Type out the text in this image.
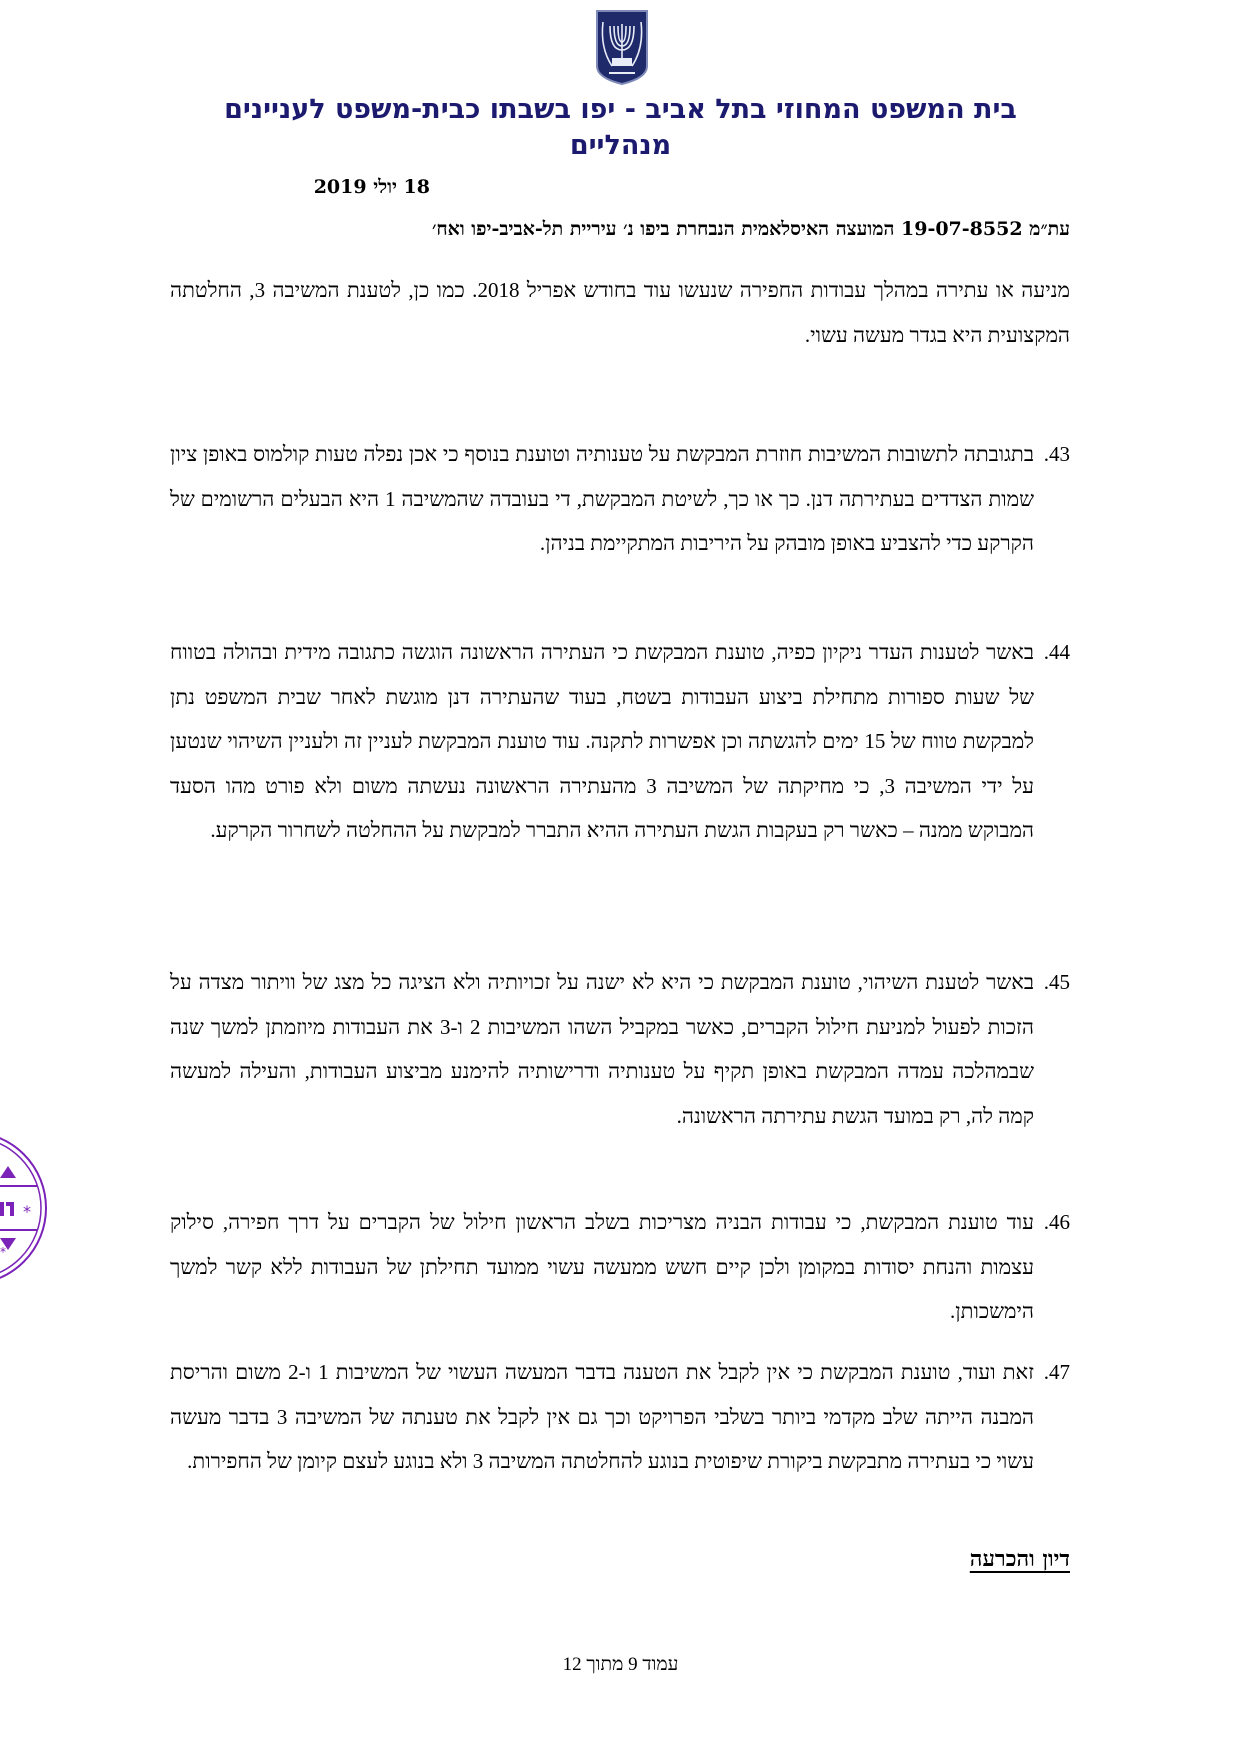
בית המשפט המחוזי בתל אביב - יפו בשבתו כבית-משפט לעניינים מנהליים
18 יולי 2019
עת״מ 19-07-8552 המועצה האיסלאמית הנבחרת ביפו נ׳ עיריית תל-אביב-יפו ואח׳
מניעה או עתירה במהלך עבודות החפירה שנעשו עוד בחודש אפריל 2018. כמו כן, לטענת המשיבה 3, החלטתה המקצועית היא בגדר מעשה עשוי.
43.
בתגובתה לתשובות המשיבות חוזרת המבקשת על טענותיה וטוענת בנוסף כי אכן נפלה טעות קולמוס באופן ציון שמות הצדדים בעתירתה דנן. כך או כך, לשיטת המבקשת, די בעובדה שהמשיבה 1 היא הבעלים הרשומים של הקרקע כדי להצביע באופן מובהק על היריבות המתקיימת בניהן.
44.
באשר לטענות העדר ניקיון כפיה, טוענת המבקשת כי העתירה הראשונה הוגשה כתגובה מידית ובהולה בטווח של שעות ספורות מתחילת ביצוע העבודות בשטח, בעוד שהעתירה דנן מוגשת לאחר שבית המשפט נתן למבקשת טווח של 15 ימים להגשתה וכן אפשרות לתקנה. עוד טוענת המבקשת לעניין זה ולעניין השיהוי שנטען על ידי המשיבה 3, כי מחיקתה של המשיבה 3 מהעתירה הראשונה נעשתה משום ולא פורט מהו הסעד המבוקש ממנה – כאשר רק בעקבות הגשת העתירה ההיא התברר למבקשת על ההחלטה לשחרור הקרקע.
45.
באשר לטענת השיהוי, טוענת המבקשת כי היא לא ישנה על זכויותיה ולא הציגה כל מצג של וויתור מצדה על הזכות לפעול למניעת חילול הקברים, כאשר במקביל השהו המשיבות 2 ו-3 את העבודות מיוזמתן למשך שנה שבמהלכה עמדה המבקשת באופן תקיף על טענותיה ודרישותיה להימנע מביצוע העבודות, והעילה למעשה קמה לה, רק במועד הגשת עתירתה הראשונה.
46.
עוד טוענת המבקשת, כי עבודות הבניה מצריכות בשלב הראשון חילול של הקברים על דרך חפירה, סילוק עצמות והנחת יסודות במקומן ולכן קיים חשש ממעשה עשוי ממועד תחילתן של העבודות ללא קשר למשך הימשכותן.
47.
זאת ועוד, טוענת המבקשת כי אין לקבל את הטענה בדבר המעשה העשוי של המשיבות 1 ו-2 משום והריסת המבנה הייתה שלב מקדמי ביותר בשלבי הפרויקט וכך גם אין לקבל את טענתה של המשיבה 3 בדבר מעשה עשוי כי בעתירה מתבקשת ביקורת שיפוטית בנוגע להחלטתה המשיבה 3 ולא בנוגע לעצם קיומן של החפירות.
דיון והכרעה
עמוד 9 מתוך 12
*
*
